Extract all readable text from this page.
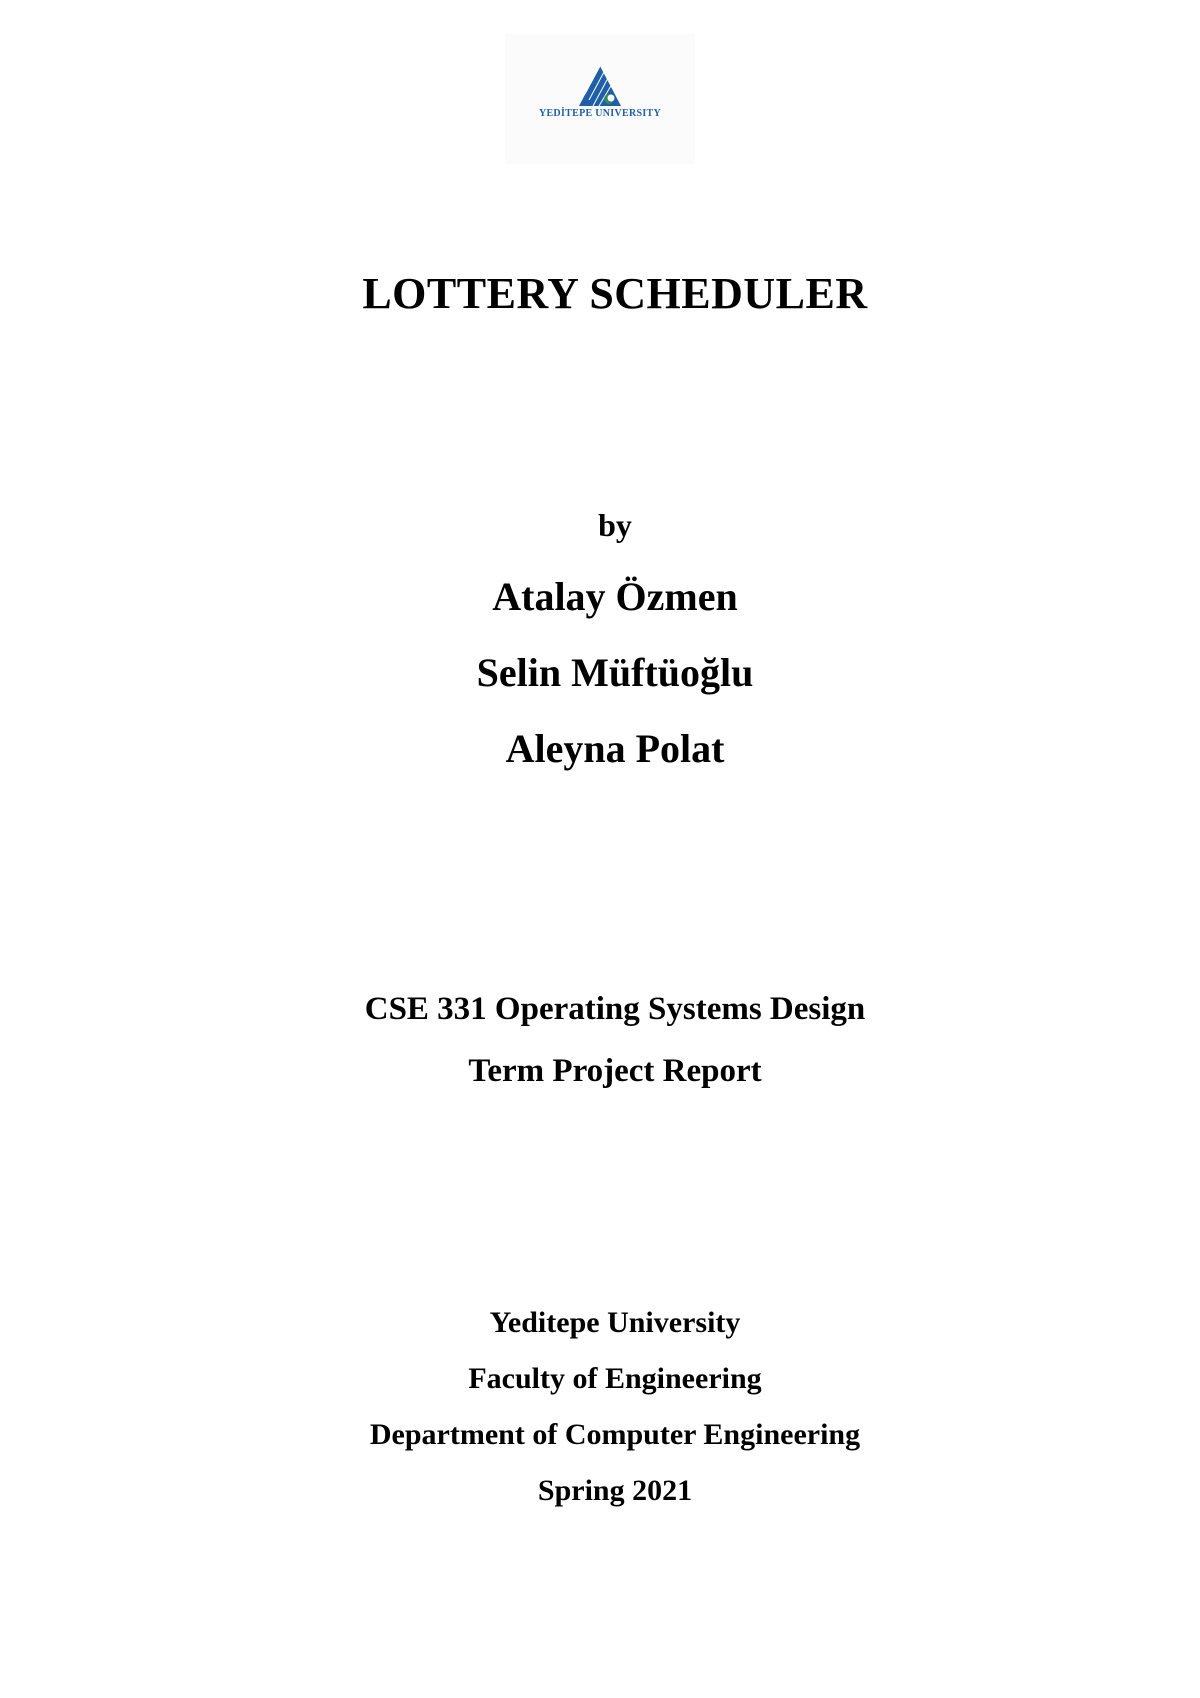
YEDİTEPE UNIVERSITY
LOTTERY SCHEDULER
by
Atalay Özmen
Selin Müftüoğlu
Aleyna Polat
CSE 331 Operating Systems Design
Term Project Report
Yeditepe University
Faculty of Engineering
Department of Computer Engineering
Spring 2021
